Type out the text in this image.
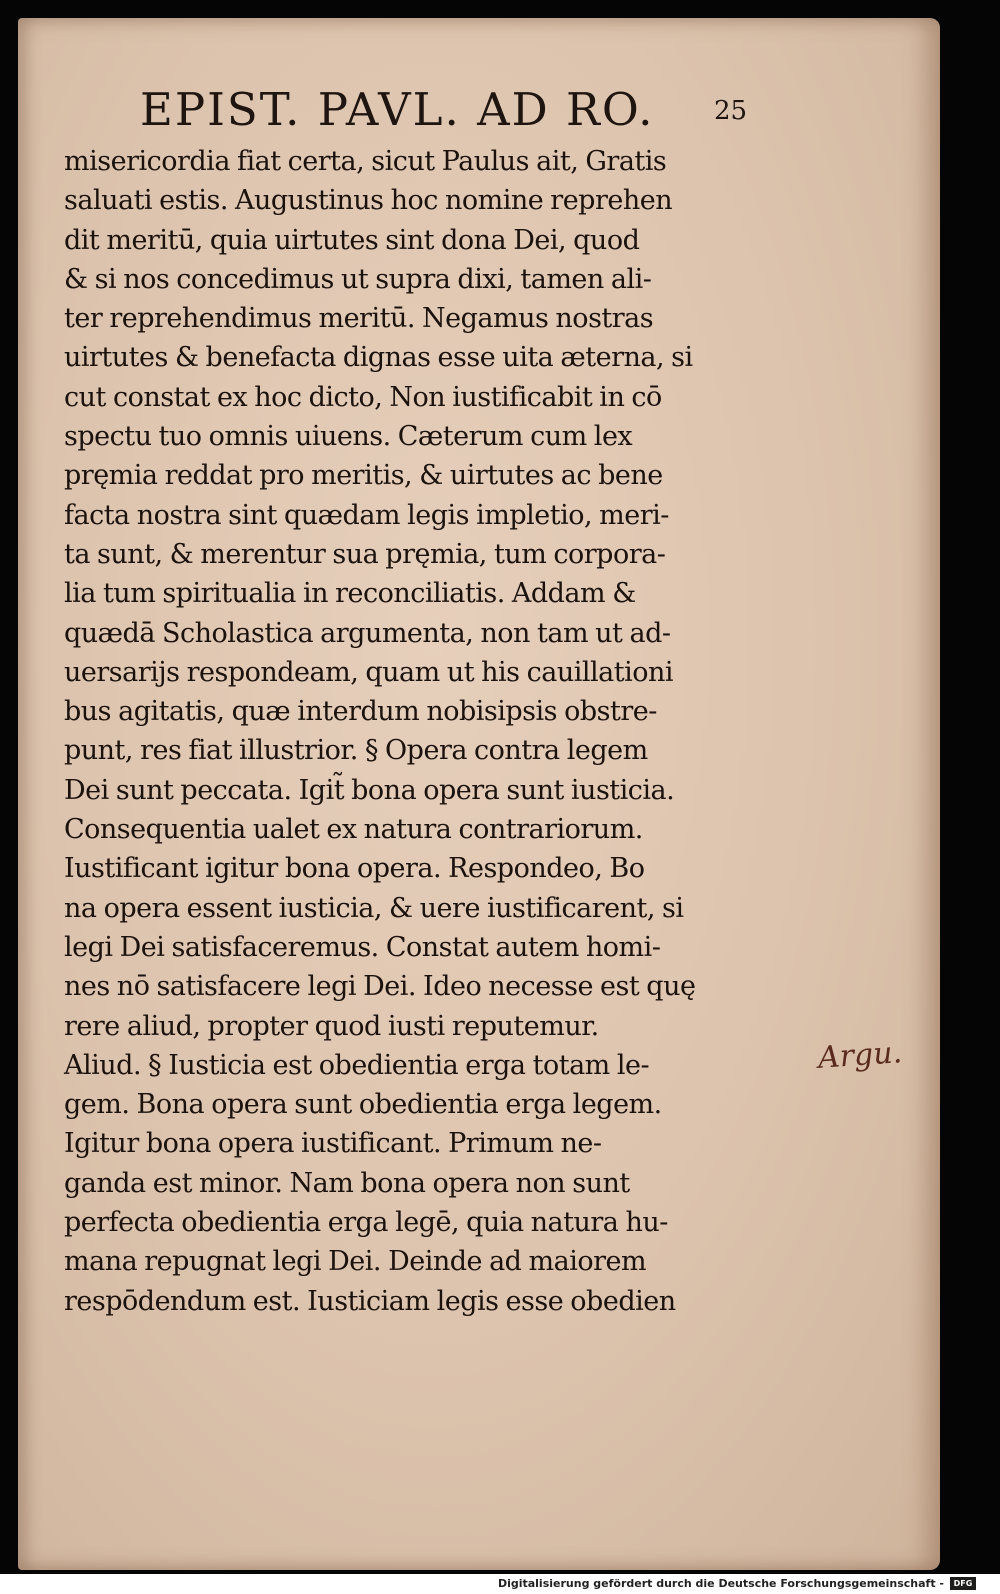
EPIST. PAVL. AD RO. 25
misericordia fiat certa, sicut Paulus ait, Gratis
saluati estis. Augustinus hoc nomine reprehen
dit meritū, quia uirtutes sint dona Dei, quod
& si nos concedimus ut supra dixi, tamen ali-
ter reprehendimus meritū. Negamus nostras
uirtutes & benefacta dignas esse uita æterna, si
cut constat ex hoc dicto, Non iustificabit in cō
spectu tuo omnis uiuens. Cæterum cum lex
pręmia reddat pro meritis, & uirtutes ac bene
facta nostra sint quædam legis impletio, meri-
ta sunt, & merentur sua pręmia, tum corpora-
lia tum spiritualia in reconciliatis. Addam &
quædā Scholastica argumenta, non tam ut ad-
uersarijs respondeam, quam ut his cauillationi
bus agitatis, quæ interdum nobisipsis obstre-
punt, res fiat illustrior. § Opera contra legem
Dei sunt peccata. Igit̃ bona opera sunt iusticia.
Consequentia ualet ex natura contrariorum.
Iustificant igitur bona opera. Respondeo, Bo
na opera essent iusticia, & uere iustificarent, si
legi Dei satisfaceremus. Constat autem homi-
nes nō satisfacere legi Dei. Ideo necesse est quę
rere aliud, propter quod iusti reputemur.
Aliud. § Iusticia est obedientia erga totam le-
gem. Bona opera sunt obedientia erga legem.
Igitur bona opera iustificant. Primum ne-
ganda est minor. Nam bona opera non sunt
perfecta obedientia erga legē, quia natura hu-
mana repugnat legi Dei. Deinde ad maiorem
respōdendum est. Iusticiam legis esse obedien
Argu.
Digitalisierung gefördert durch die Deutsche Forschungsgemeinschaft -	DFG
